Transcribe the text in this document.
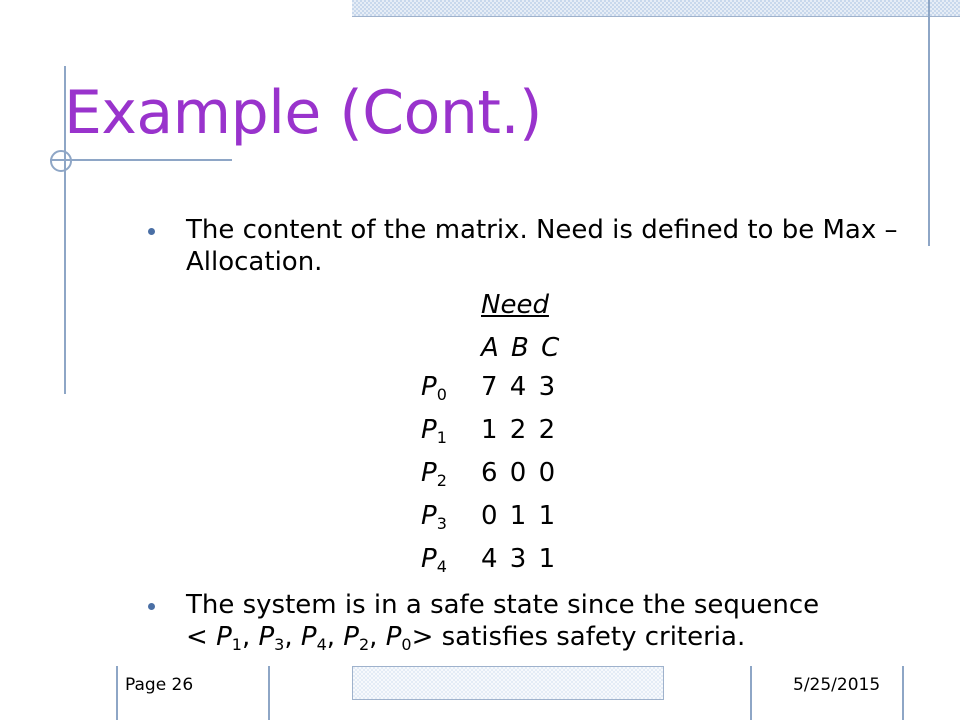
Example (Cont.)
The content of the matrix. Need is defined to be Max – Allocation.
Need
A B C
$P_0$ 7 4 3
$P_1$ 1 2 2
$P_2$ 6 0 0
$P_3$ 0 1 1
$P_4$ 4 3 1
The system is in a safe state since the sequence
< $P_1$, $P_3$, $P_4$, $P_2$, $P_0>$ satisfies safety criteria.
Page 26	5/25/2015
